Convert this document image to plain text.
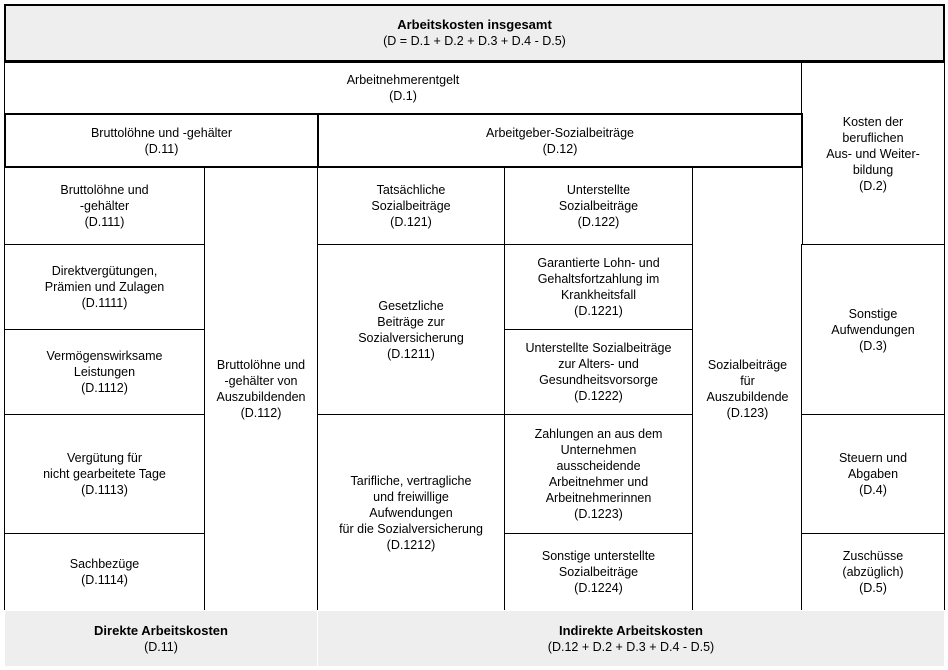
Arbeitskosten insgesamt
(D = D.1 + D.2 + D.3 + D.4 - D.5)
Arbeitnehmerentgelt
(D.1)
Kosten der
beruflichen
Aus- und Weiter-
bildung
(D.2)
Bruttolöhne und -gehälter
(D.11)
Arbeitgeber-Sozialbeiträge
(D.12)
Bruttolöhne und
-gehälter
(D.111)
Direktvergütungen,
Prämien und Zulagen
(D.1111)
Vermögenswirksame
Leistungen
(D.1112)
Vergütung für
nicht gearbeitete Tage
(D.1113)
Sachbezüge
(D.1114)
Bruttolöhne und
-gehälter von
Auszubildenden
(D.112)
Tatsächliche
Sozialbeiträge
(D.121)
Gesetzliche
Beiträge zur
Sozialversicherung
(D.1211)
Tarifliche, vertragliche
und freiwillige
Aufwendungen
für die Sozialversicherung
(D.1212)
Unterstellte
Sozialbeiträge
(D.122)
Garantierte Lohn- und
Gehaltsfortzahlung im
Krankheitsfall
(D.1221)
Unterstellte Sozialbeiträge
zur Alters- und
Gesundheitsvorsorge
(D.1222)
Zahlungen an aus dem
Unternehmen
ausscheidende
Arbeitnehmer und
Arbeitnehmerinnen
(D.1223)
Sonstige unterstellte
Sozialbeiträge
(D.1224)
Sozialbeiträge
für
Auszubildende
(D.123)
Sonstige
Aufwendungen
(D.3)
Steuern und
Abgaben
(D.4)
Zuschüsse
(abzüglich)
(D.5)
Direkte Arbeitskosten
(D.11)
Indirekte Arbeitskosten
(D.12 + D.2 + D.3 + D.4 - D.5)
